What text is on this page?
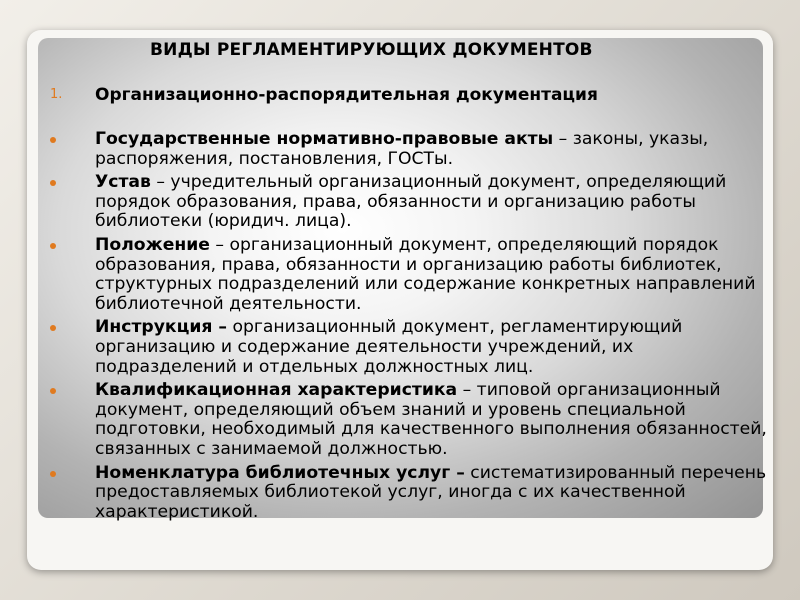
ВИДЫ РЕГЛАМЕНТИРУЮЩИХ ДОКУМЕНТОВ
1. Организационно-распорядительная документация
Государственные нормативно-правовые акты – законы, указы, распоряжения, постановления, ГОСТы.
Устав – учредительный организационный документ, определяющий порядок образования, права, обязанности и организацию работы библиотеки (юридич. лица).
Положение – организационный документ, определяющий порядок образования, права, обязанности и организацию работы библиотек, структурных подразделений или содержание конкретных направлений библиотечной деятельности.
Инструкция – организационный документ, регламентирующий организацию и содержание деятельности учреждений, их подразделений и отдельных должностных лиц.
Квалификационная характеристика – типовой организационный документ, определяющий объем знаний и уровень специальной подготовки, необходимый для качественного выполнения обязанностей, связанных с занимаемой должностью.
Номенклатура библиотечных услуг – систематизированный перечень предоставляемых библиотекой услуг, иногда с их качественной характеристикой.
